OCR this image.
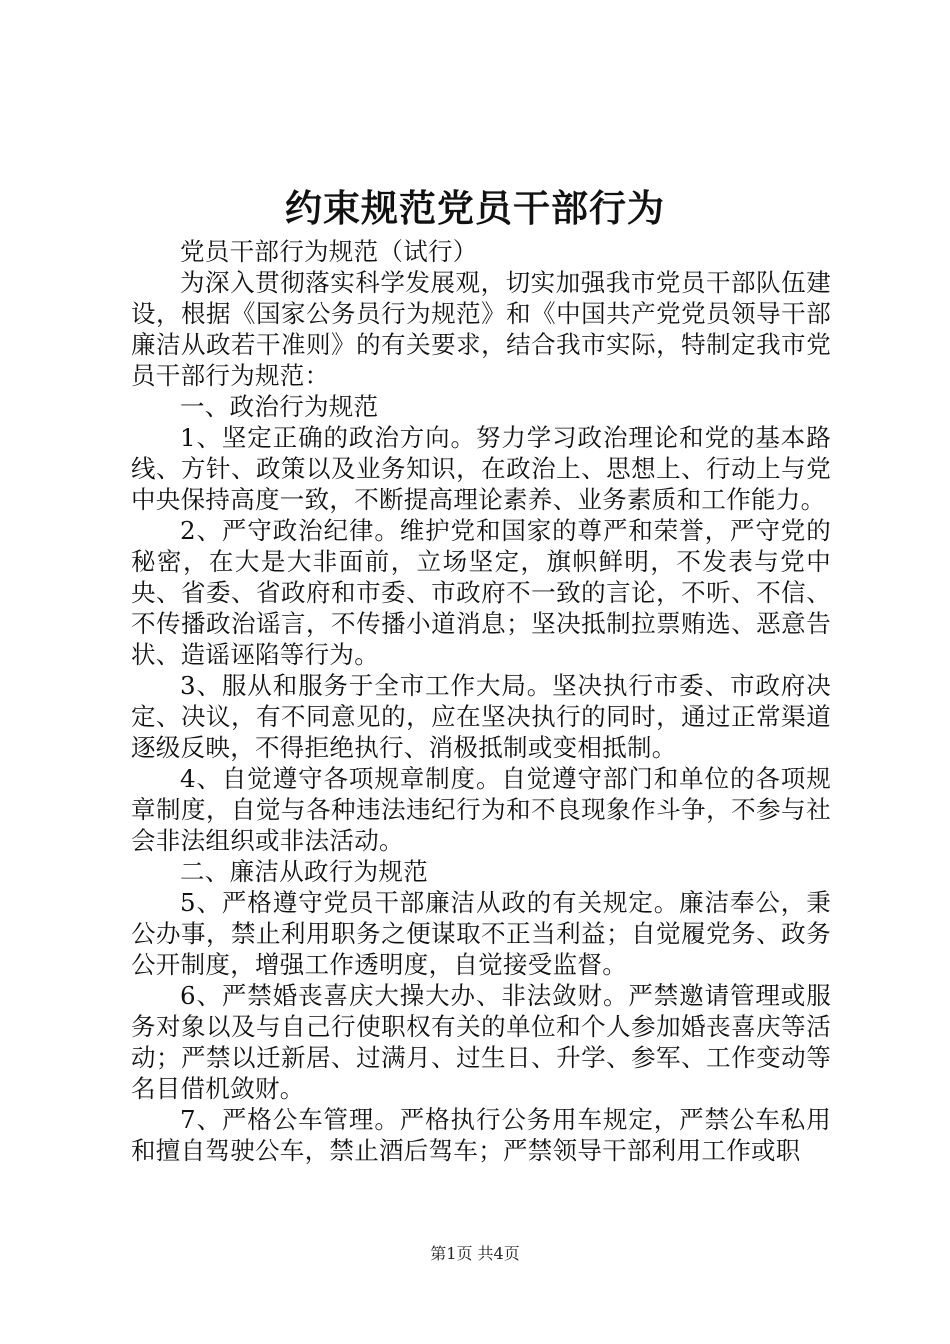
约束规范党员干部行为

党员干部行为规范（试行）

为深入贯彻落实科学发展观，切实加强我市党员干部队伍建设，根据《国家公务员行为规范》和《中国共产党党员领导干部廉洁从政若干准则》的有关要求，结合我市实际，特制定我市党员干部行为规范：

一、政治行为规范

1、坚定正确的政治方向。努力学习政治理论和党的基本路线、方针、政策以及业务知识，在政治上、思想上、行动上与党中央保持高度一致，不断提高理论素养、业务素质和工作能力。

2、严守政治纪律。维护党和国家的尊严和荣誉，严守党的秘密，在大是大非面前，立场坚定，旗帜鲜明，不发表与党中央、省委、省政府和市委、市政府不一致的言论，不听、不信、不传播政治谣言，不传播小道消息；坚决抵制拉票贿选、恶意告状、造谣诬陷等行为。

3、服从和服务于全市工作大局。坚决执行市委、市政府决定、决议，有不同意见的，应在坚决执行的同时，通过正常渠道逐级反映，不得拒绝执行、消极抵制或变相抵制。

4、自觉遵守各项规章制度。自觉遵守部门和单位的各项规章制度，自觉与各种违法违纪行为和不良现象作斗争，不参与社会非法组织或非法活动。

二、廉洁从政行为规范

5、严格遵守党员干部廉洁从政的有关规定。廉洁奉公，秉公办事，禁止利用职务之便谋取不正当利益；自觉履党务、政务公开制度，增强工作透明度，自觉接受监督。

6、严禁婚丧喜庆大操大办、非法敛财。严禁邀请管理或服务对象以及与自己行使职权有关的单位和个人参加婚丧喜庆等活动；严禁以迁新居、过满月、过生日、升学、参军、工作变动等名目借机敛财。

7、严格公车管理。严格执行公务用车规定，严禁公车私用和擅自驾驶公车，禁止酒后驾车；严禁领导干部利用工作或职

第1页 共4页
